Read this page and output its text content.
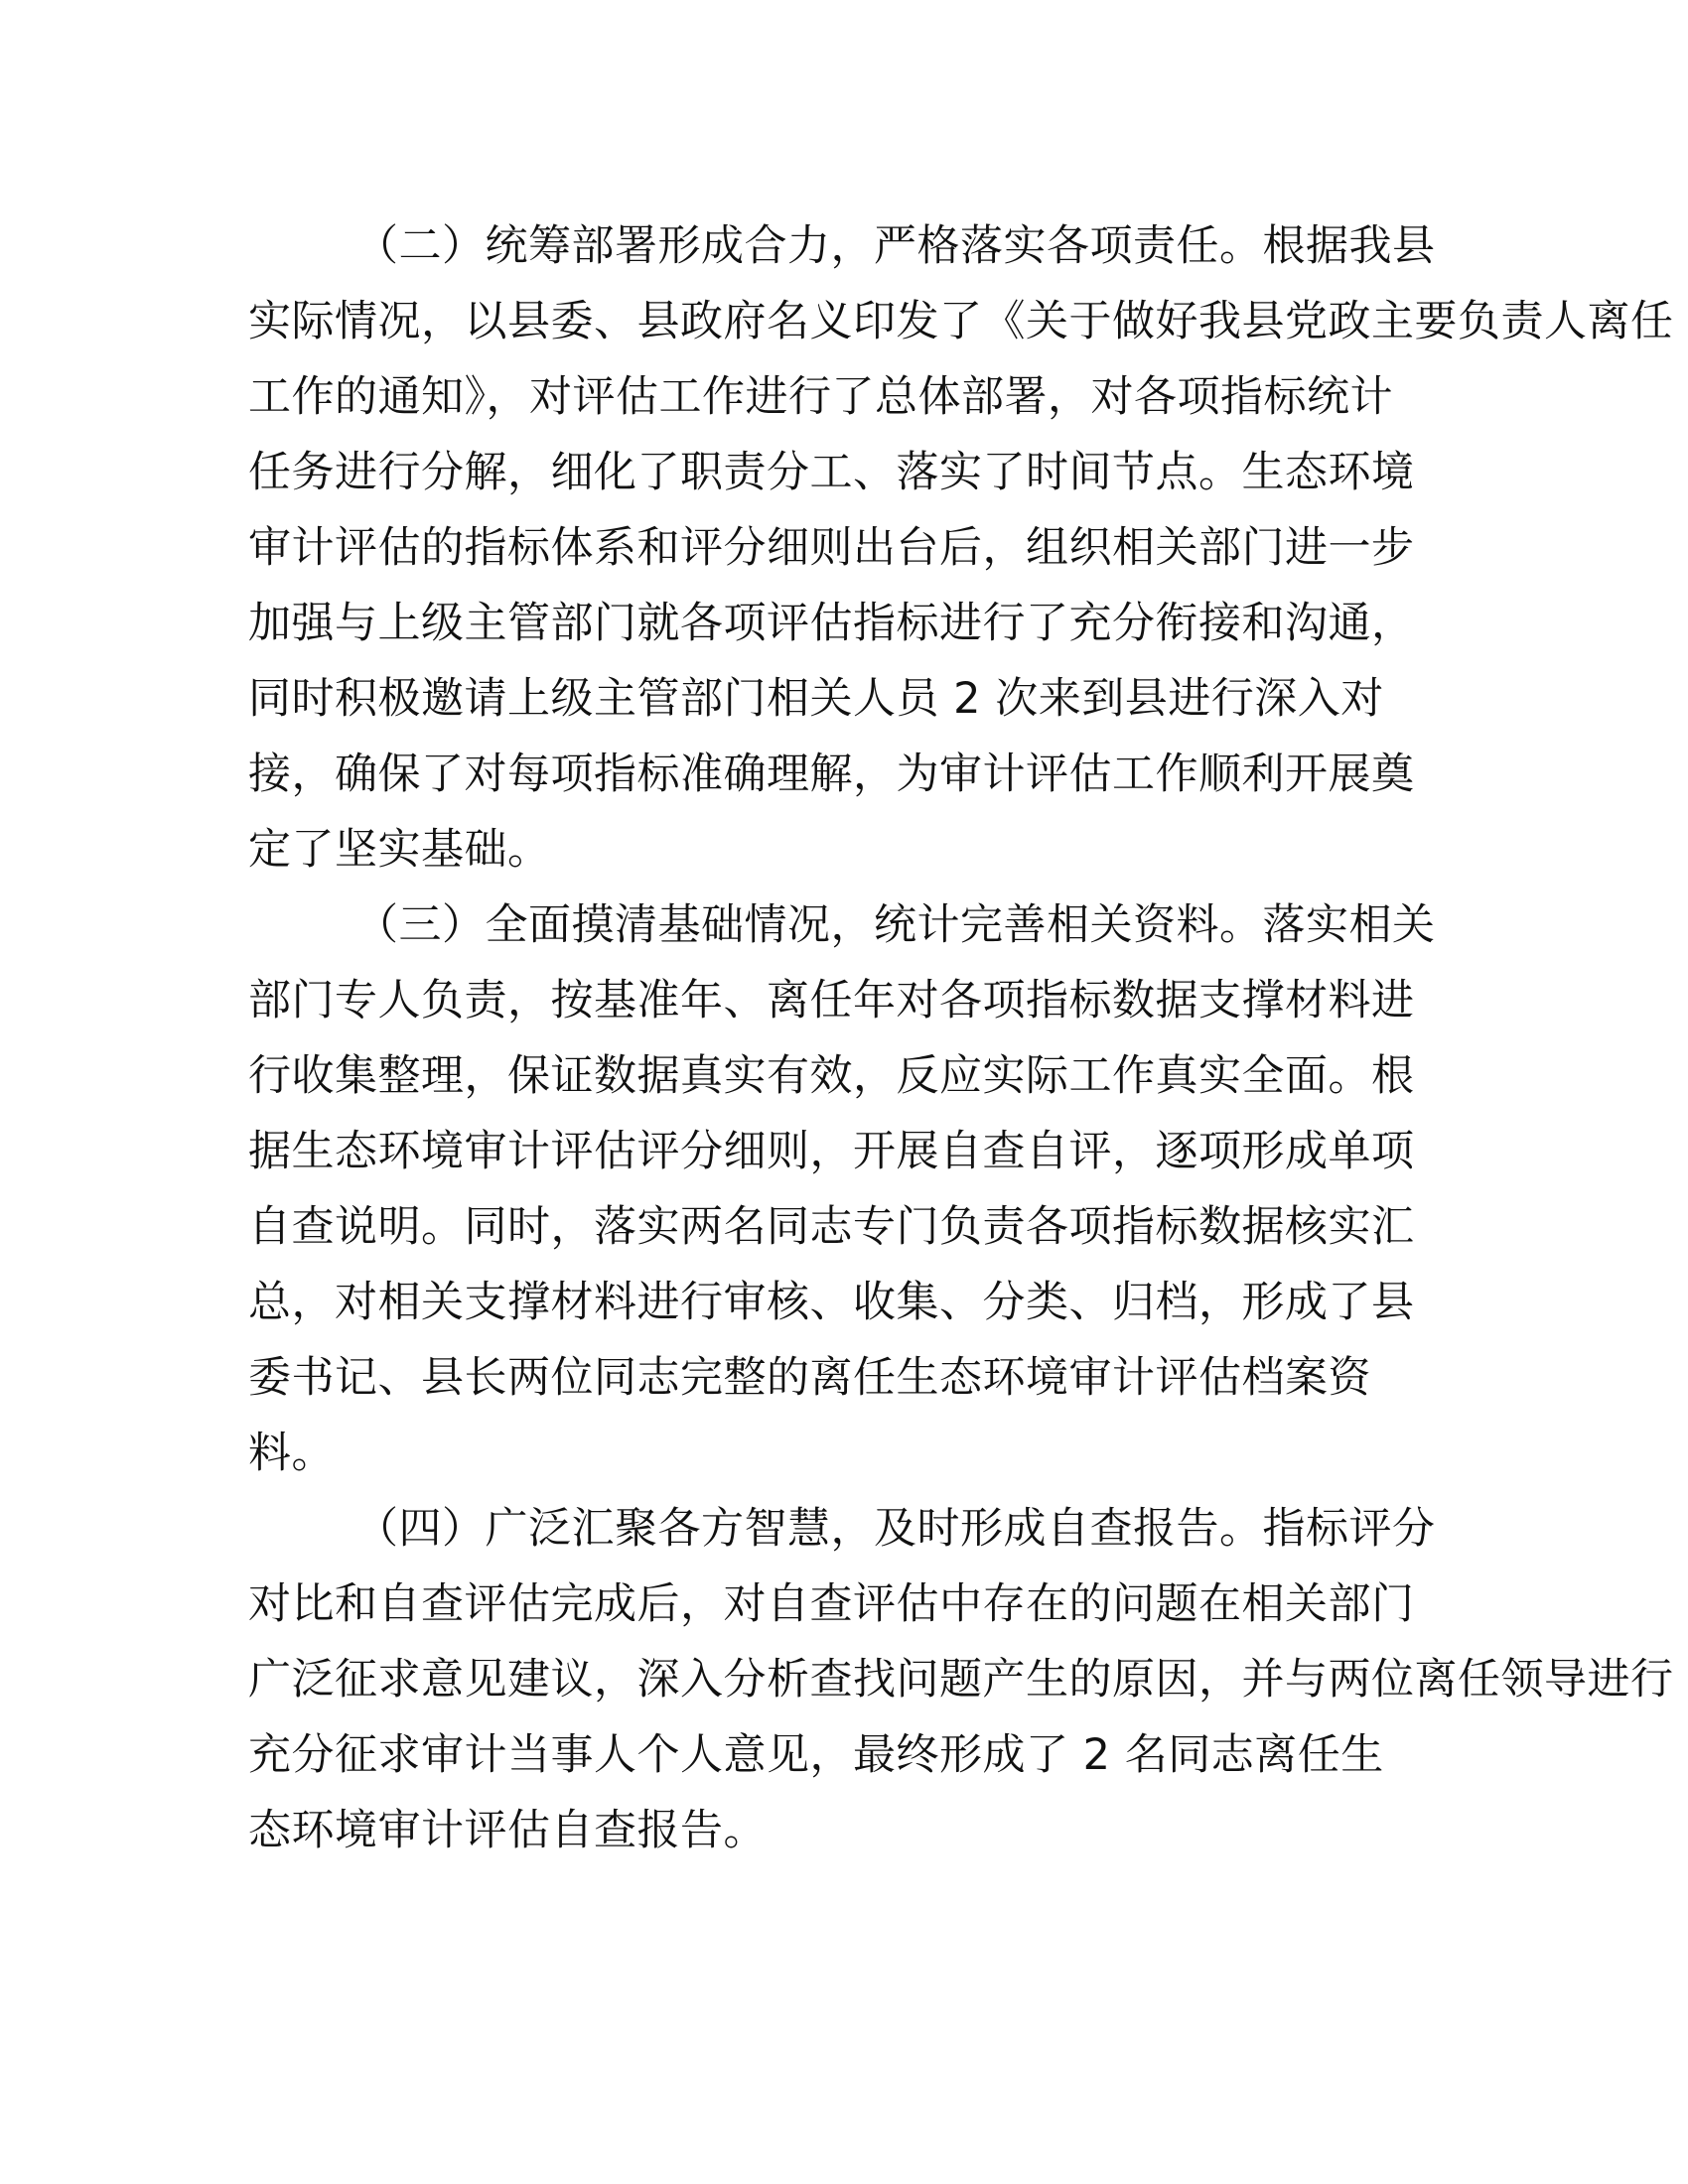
（二）统筹部署形成合力，严格落实各项责任。根据我县
实际情况，以县委、县政府名义印发了《关于做好我县党政主要负责人离任
工作的通知》，对评估工作进行了总体部署，对各项指标统计
任务进行分解，细化了职责分工、落实了时间节点。生态环境
审计评估的指标体系和评分细则出台后，组织相关部门进一步
加强与上级主管部门就各项评估指标进行了充分衔接和沟通，
同时积极邀请上级主管部门相关人员 2 次来到县进行深入对
接，确保了对每项指标准确理解，为审计评估工作顺利开展奠
定了坚实基础。
（三）全面摸清基础情况，统计完善相关资料。落实相关
部门专人负责，按基准年、离任年对各项指标数据支撑材料进
行收集整理，保证数据真实有效，反应实际工作真实全面。根
据生态环境审计评估评分细则，开展自查自评，逐项形成单项
自查说明。同时，落实两名同志专门负责各项指标数据核实汇
总，对相关支撑材料进行审核、收集、分类、归档，形成了县
委书记、县长两位同志完整的离任生态环境审计评估档案资
料。
（四）广泛汇聚各方智慧，及时形成自查报告。指标评分
对比和自查评估完成后，对自查评估中存在的问题在相关部门
广泛征求意见建议，深入分析查找问题产生的原因，并与两位离任领导进行
充分征求审计当事人个人意见，最终形成了 2 名同志离任生
态环境审计评估自查报告。
